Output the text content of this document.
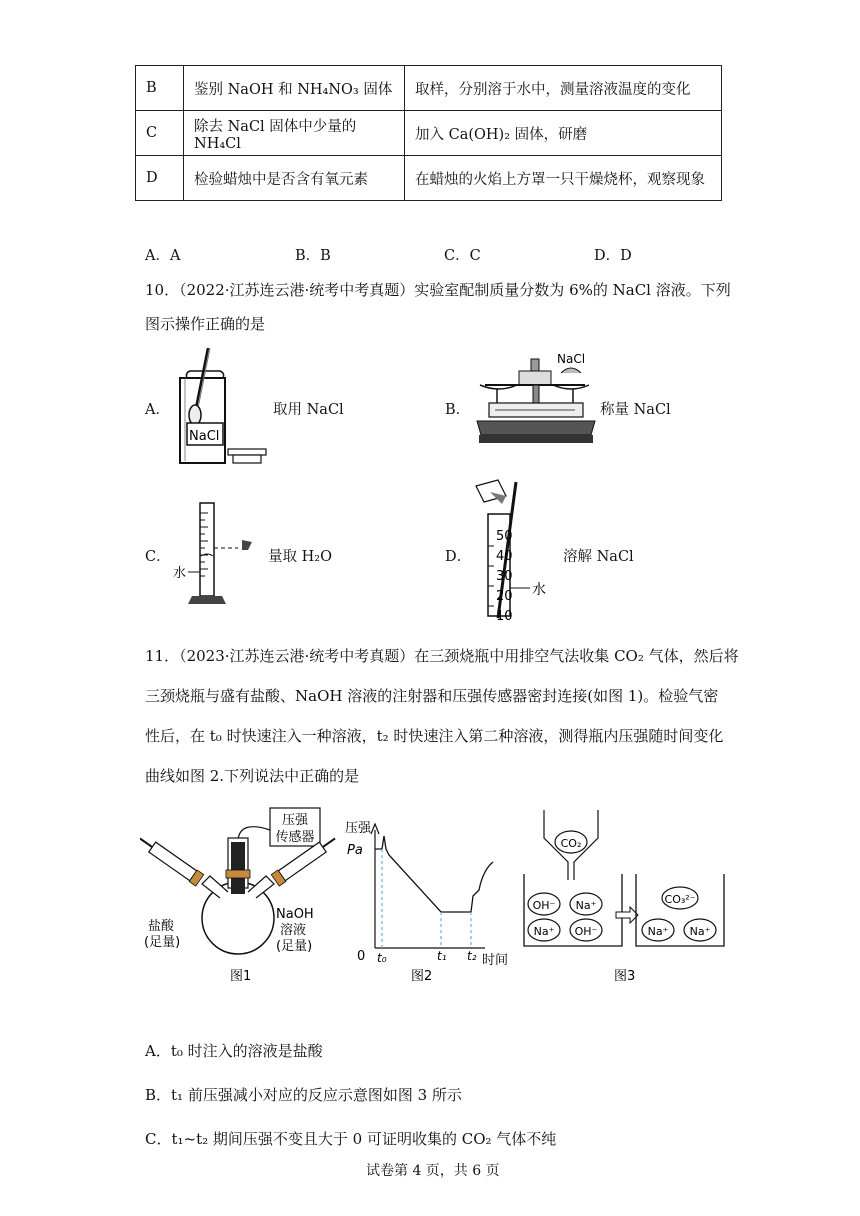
B	鉴别 NaOH 和 NH₄NO₃ 固体	取样，分别溶于水中，测量溶液温度的变化
C	除去 NaCl 固体中少量的 NH₄Cl	加入 Ca(OH)₂ 固体，研磨
D	检验蜡烛中是否含有氧元素	在蜡烛的火焰上方罩一只干燥烧杯，观察现象
A．A	B．B	C．C	D．D
10．（2022·江苏连云港·统考中考真题）实验室配制质量分数为 6%的 NaCl 溶液。下列
图示操作正确的是
A．
NaCl
取用 NaCl	B．
NaCl
称量 NaCl
C．
水
量取 H₂O	D．
50
40
30
20
10
水
溶解 NaCl
11．（2023·江苏连云港·统考中考真题）在三颈烧瓶中用排空气法收集 CO₂ 气体，然后将
三颈烧瓶与盛有盐酸、NaOH 溶液的注射器和压强传感器密封连接(如图 1)。检验气密
性后，在 t₀ 时快速注入一种溶液，t₂ 时快速注入第二种溶液，测得瓶内压强随时间变化
曲线如图 2.下列说法中正确的是
压强
传感器
盐酸
(足量)
NaOH
溶液
(足量)
图1
压强
Pa
0 t₀	t₁ t₂ 时间
图2
CO₂
OH⁻ Na⁺
Na⁺ OH⁻
CO₃²⁻
Na⁺ Na⁺
图3
A．t₀ 时注入的溶液是盐酸
B．t₁ 前压强减小对应的反应示意图如图 3 所示
C．t₁~t₂ 期间压强不变且大于 0 可证明收集的 CO₂ 气体不纯
试卷第 4 页，共 6 页
